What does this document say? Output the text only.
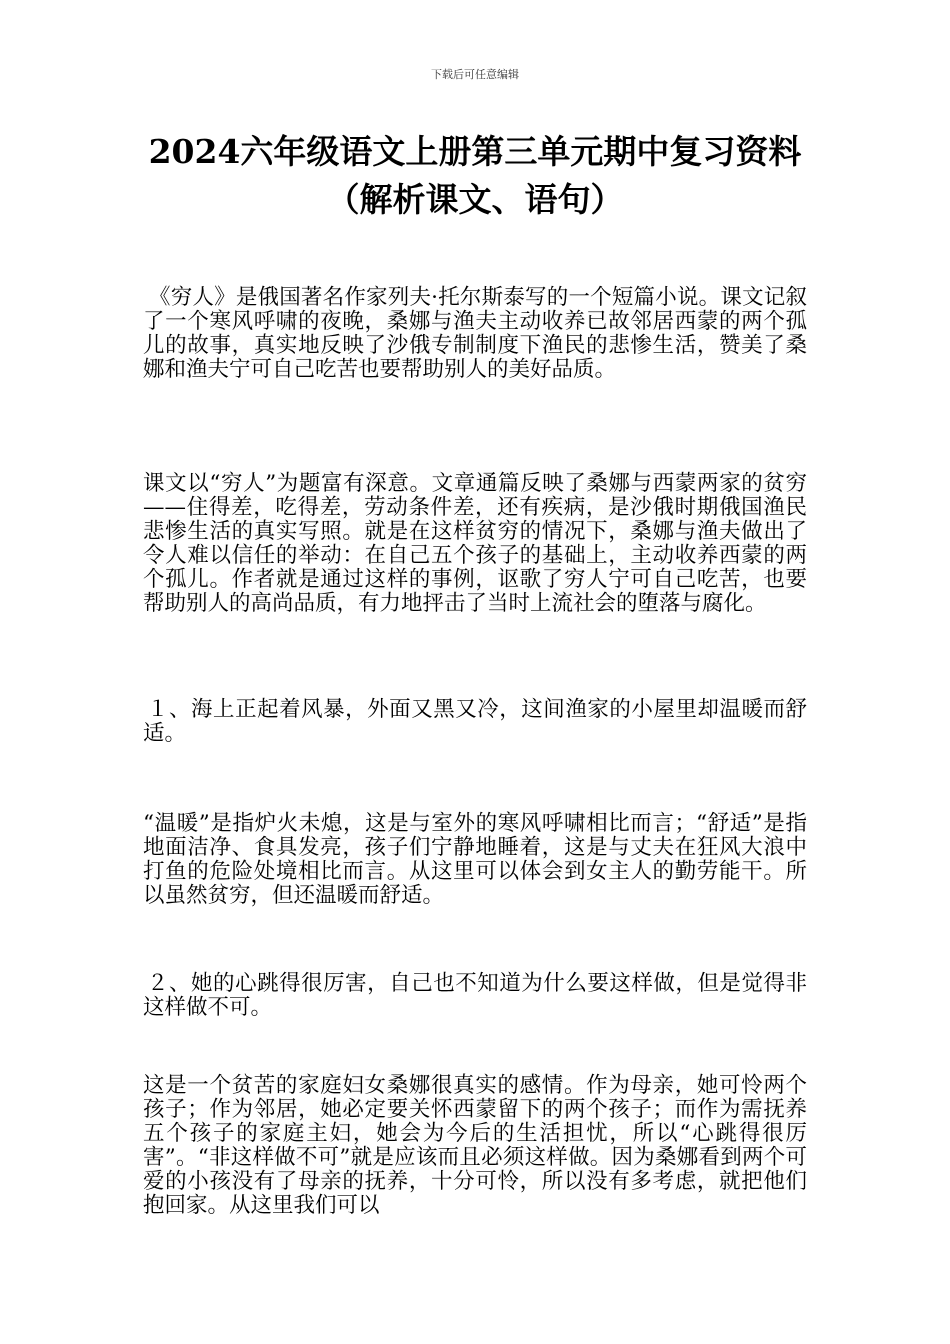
下载后可任意编辑
2024六年级语文上册第三单元期中复习资料（解析课文、语句）

《穷人》是俄国著名作家列夫·托尔斯泰写的一个短篇小说。课文记叙了一个寒风呼啸的夜晚，桑娜与渔夫主动收养已故邻居西蒙的两个孤儿的故事，真实地反映了沙俄专制制度下渔民的悲惨生活，赞美了桑娜和渔夫宁可自己吃苦也要帮助别人的美好品质。

课文以“穷人”为题富有深意。文章通篇反映了桑娜与西蒙两家的贫穷——住得差，吃得差，劳动条件差，还有疾病，是沙俄时期俄国渔民悲惨生活的真实写照。就是在这样贫穷的情况下，桑娜与渔夫做出了令人难以信任的举动：在自己五个孩子的基础上，主动收养西蒙的两个孤儿。作者就是通过这样的事例，讴歌了穷人宁可自己吃苦，也要帮助别人的高尚品质，有力地抨击了当时上流社会的堕落与腐化。

１、海上正起着风暴，外面又黑又冷，这间渔家的小屋里却温暖而舒适。

“温暖”是指炉火未熄，这是与室外的寒风呼啸相比而言；“舒适”是指地面洁净、食具发亮，孩子们宁静地睡着，这是与丈夫在狂风大浪中打鱼的危险处境相比而言。从这里可以体会到女主人的勤劳能干。所以虽然贫穷，但还温暖而舒适。

２、她的心跳得很厉害，自己也不知道为什么要这样做，但是觉得非这样做不可。

这是一个贫苦的家庭妇女桑娜很真实的感情。作为母亲，她可怜两个孩子；作为邻居，她必定要关怀西蒙留下的两个孩子；而作为需抚养五个孩子的家庭主妇，她会为今后的生活担忧，所以“心跳得很厉害”。“非这样做不可”就是应该而且必须这样做。因为桑娜看到两个可爱的小孩没有了母亲的抚养，十分可怜，所以没有多考虑，就把他们抱回家。从这里我们可以
